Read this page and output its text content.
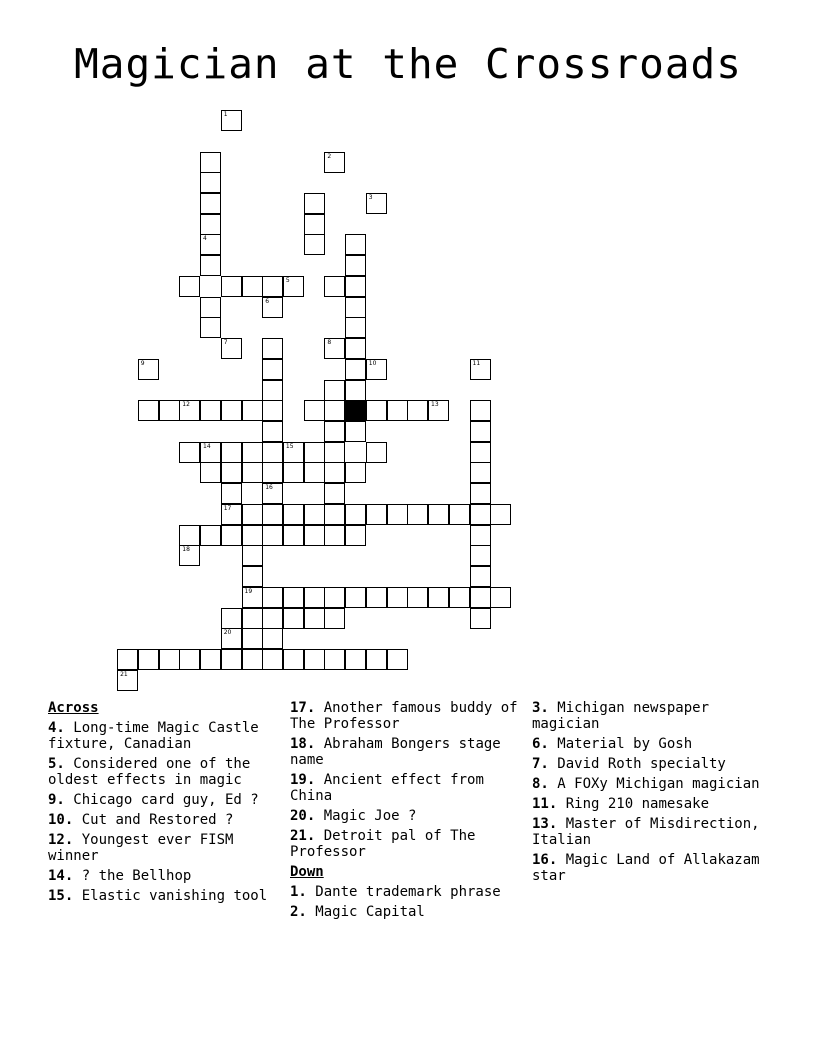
Magician at the Crossroads
4
5
12	13
15
17
19
1
2
3
6
7	8
9	10	11
14
16
18
20
21
Across
4. Long-time Magic Castle fixture, Canadian
5. Considered one of the oldest effects in magic
9. Chicago card guy, Ed ?
10. Cut and Restored ?
12. Youngest ever FISM winner
14. ? the Bellhop
15. Elastic vanishing tool
17. Another famous buddy of The Professor
18. Abraham Bongers stage name
19. Ancient effect from China
20. Magic Joe ?
21. Detroit pal of The Professor
Down
1. Dante trademark phrase
2. Magic Capital
3. Michigan newspaper magician
6. Material by Gosh
7. David Roth specialty
8. A FOXy Michigan magician
11. Ring 210 namesake
13. Master of Misdirection, Italian
16. Magic Land of Allakazam star
